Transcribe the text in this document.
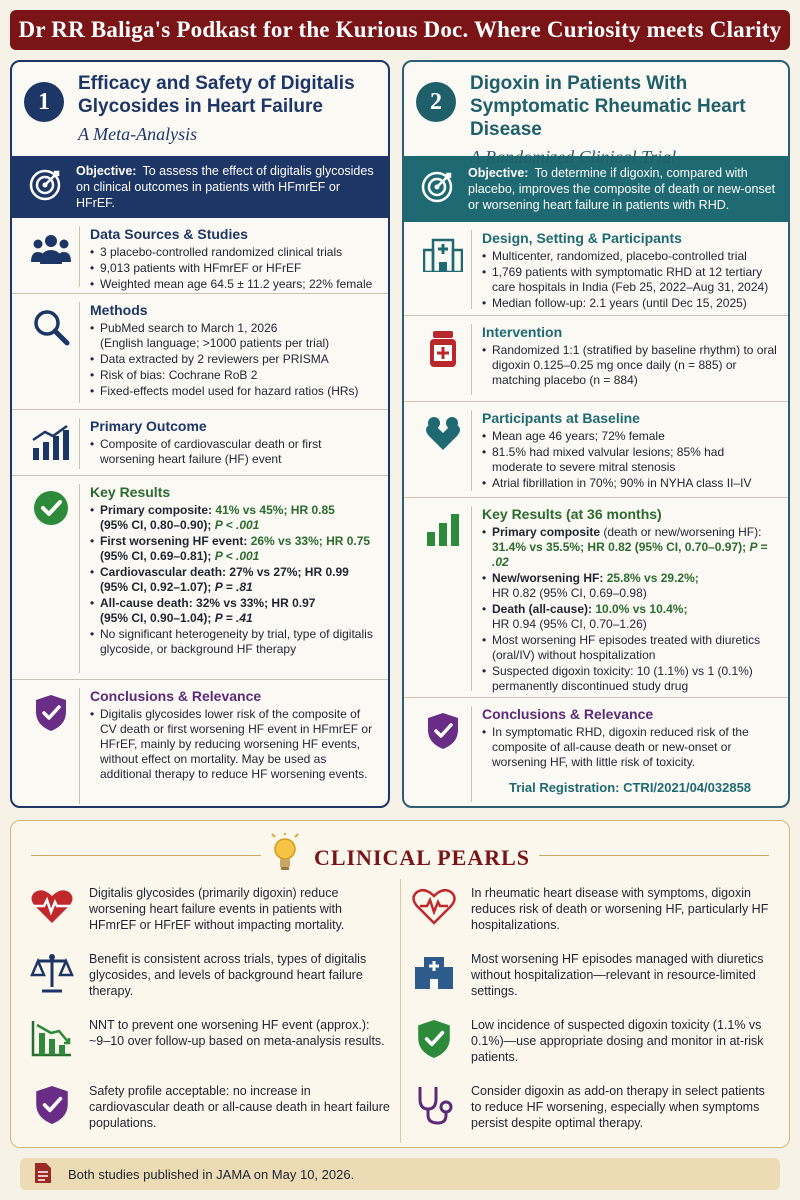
Dr RR Baliga's Podkast for the Kurious Doc. Where Curiosity meets Clarity
1
Efficacy and Safety of Digitalis Glycosides in Heart Failure
A Meta-Analysis
Objective: To assess the effect of digitalis glycosides on clinical outcomes in patients with HFmrEF or HFrEF.
Data Sources & Studies
• 3 placebo-controlled randomized clinical trials
• 9,013 patients with HFmrEF or HFrEF
• Weighted mean age 64.5 ± 11.2 years; 22% female
Methods
• PubMed search to March 1, 2026
(English language; >1000 patients per trial)
• Data extracted by 2 reviewers per PRISMA
• Risk of bias: Cochrane RoB 2
• Fixed-effects model used for hazard ratios (HRs)
Primary Outcome
• Composite of cardiovascular death or first worsening heart failure (HF) event
Key Results
• Primary composite: 41% vs 45%; HR 0.85
(95% CI, 0.80–0.90); P < .001
• First worsening HF event: 26% vs 33%; HR 0.75
(95% CI, 0.69–0.81); P < .001
• Cardiovascular death: 27% vs 27%; HR 0.99
(95% CI, 0.92–1.07); P = .81
• All-cause death: 32% vs 33%; HR 0.97
(95% CI, 0.90–1.04); P = .41
• No significant heterogeneity by trial, type of digitalis glycoside, or background HF therapy
Conclusions & Relevance
• Digitalis glycosides lower risk of the composite of CV death or first worsening HF event in HFmrEF or HFrEF, mainly by reducing worsening HF events, without effect on mortality. May be used as additional therapy to reduce HF worsening events.
2
Digoxin in Patients With Symptomatic Rheumatic Heart Disease
A Randomized Clinical Trial
Objective: To determine if digoxin, compared with placebo, improves the composite of death or new-onset or worsening heart failure in patients with RHD.
Design, Setting & Participants
• Multicenter, randomized, placebo-controlled trial
• 1,769 patients with symptomatic RHD at 12 tertiary care hospitals in India (Feb 25, 2022–Aug 31, 2024)
• Median follow-up: 2.1 years (until Dec 15, 2025)
Intervention
• Randomized 1:1 (stratified by baseline rhythm) to oral digoxin 0.125–0.25 mg once daily (n = 885) or matching placebo (n = 884)
Participants at Baseline
• Mean age 46 years; 72% female
• 81.5% had mixed valvular lesions; 85% had moderate to severe mitral stenosis
• Atrial fibrillation in 70%; 90% in NYHA class II–IV
Key Results (at 36 months)
• Primary composite (death or new/worsening HF):
31.4% vs 35.5%; HR 0.82 (95% CI, 0.70–0.97); P = .02
• New/worsening HF: 25.8% vs 29.2%;
HR 0.82 (95% CI, 0.69–0.98)
• Death (all-cause): 10.0% vs 10.4%;
HR 0.94 (95% CI, 0.70–1.26)
• Most worsening HF episodes treated with diuretics (oral/IV) without hospitalization
• Suspected digoxin toxicity: 10 (1.1%) vs 1 (0.1%) permanently discontinued study drug
Conclusions & Relevance
• In symptomatic RHD, digoxin reduced risk of the composite of all-cause death or new-onset or worsening HF, with little risk of toxicity.
Trial Registration: CTRI/2021/04/032858
CLINICAL PEARLS
Digitalis glycosides (primarily digoxin) reduce worsening heart failure events in patients with HFmrEF or HFrEF without impacting mortality.
In rheumatic heart disease with symptoms, digoxin reduces risk of death or worsening HF, particularly HF hospitalizations.
Benefit is consistent across trials, types of digitalis glycosides, and levels of background heart failure therapy.
Most worsening HF episodes managed with diuretics without hospitalization—relevant in resource-limited settings.
NNT to prevent one worsening HF event (approx.): ~9–10 over follow-up based on meta-analysis results.
Low incidence of suspected digoxin toxicity (1.1% vs 0.1%)—use appropriate dosing and monitor in at-risk patients.
Safety profile acceptable: no increase in cardiovascular death or all-cause death in heart failure populations.
Consider digoxin as add-on therapy in select patients to reduce HF worsening, especially when symptoms persist despite optimal therapy.
Both studies published in JAMA on May 10, 2026.
